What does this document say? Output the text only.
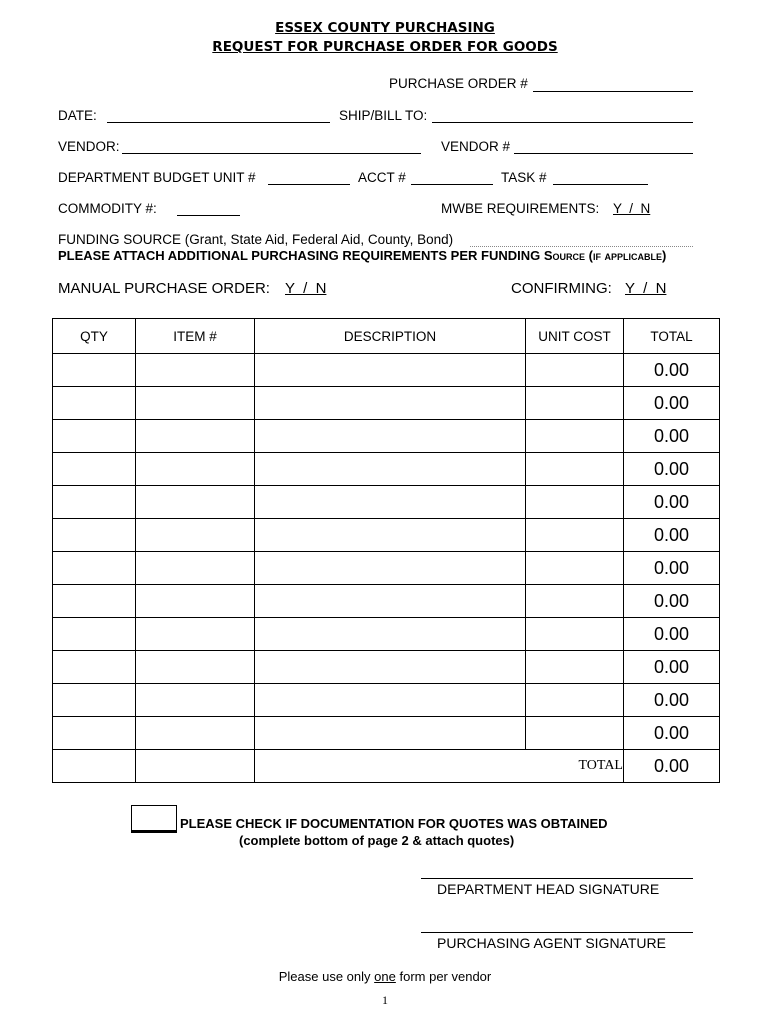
ESSEX COUNTY PURCHASING
REQUEST FOR PURCHASE ORDER FOR GOODS
PURCHASE ORDER #
DATE:	SHIP/BILL TO:
VENDOR:	VENDOR #
DEPARTMENT BUDGET UNIT #	ACCT #	TASK #
COMMODITY #:	MWBE REQUIREMENTS: Y  /  N
FUNDING SOURCE (Grant, State Aid, Federal Aid, County, Bond)
PLEASE ATTACH ADDITIONAL PURCHASING REQUIREMENTS PER FUNDING Source (if applicable)
MANUAL PURCHASE ORDER: Y  /  N	CONFIRMING: Y  /  N
QTY	ITEM #	DESCRIPTION	UNIT COST	TOTAL
				0.00
				0.00
				0.00
				0.00
				0.00
				0.00
				0.00
				0.00
				0.00
				0.00
				0.00
				0.00
		TOTAL		0.00
PLEASE CHECK IF DOCUMENTATION FOR QUOTES WAS OBTAINED
(complete bottom of page 2 & attach quotes)
DEPARTMENT HEAD SIGNATURE
PURCHASING AGENT SIGNATURE
Please use only one form per vendor
1
